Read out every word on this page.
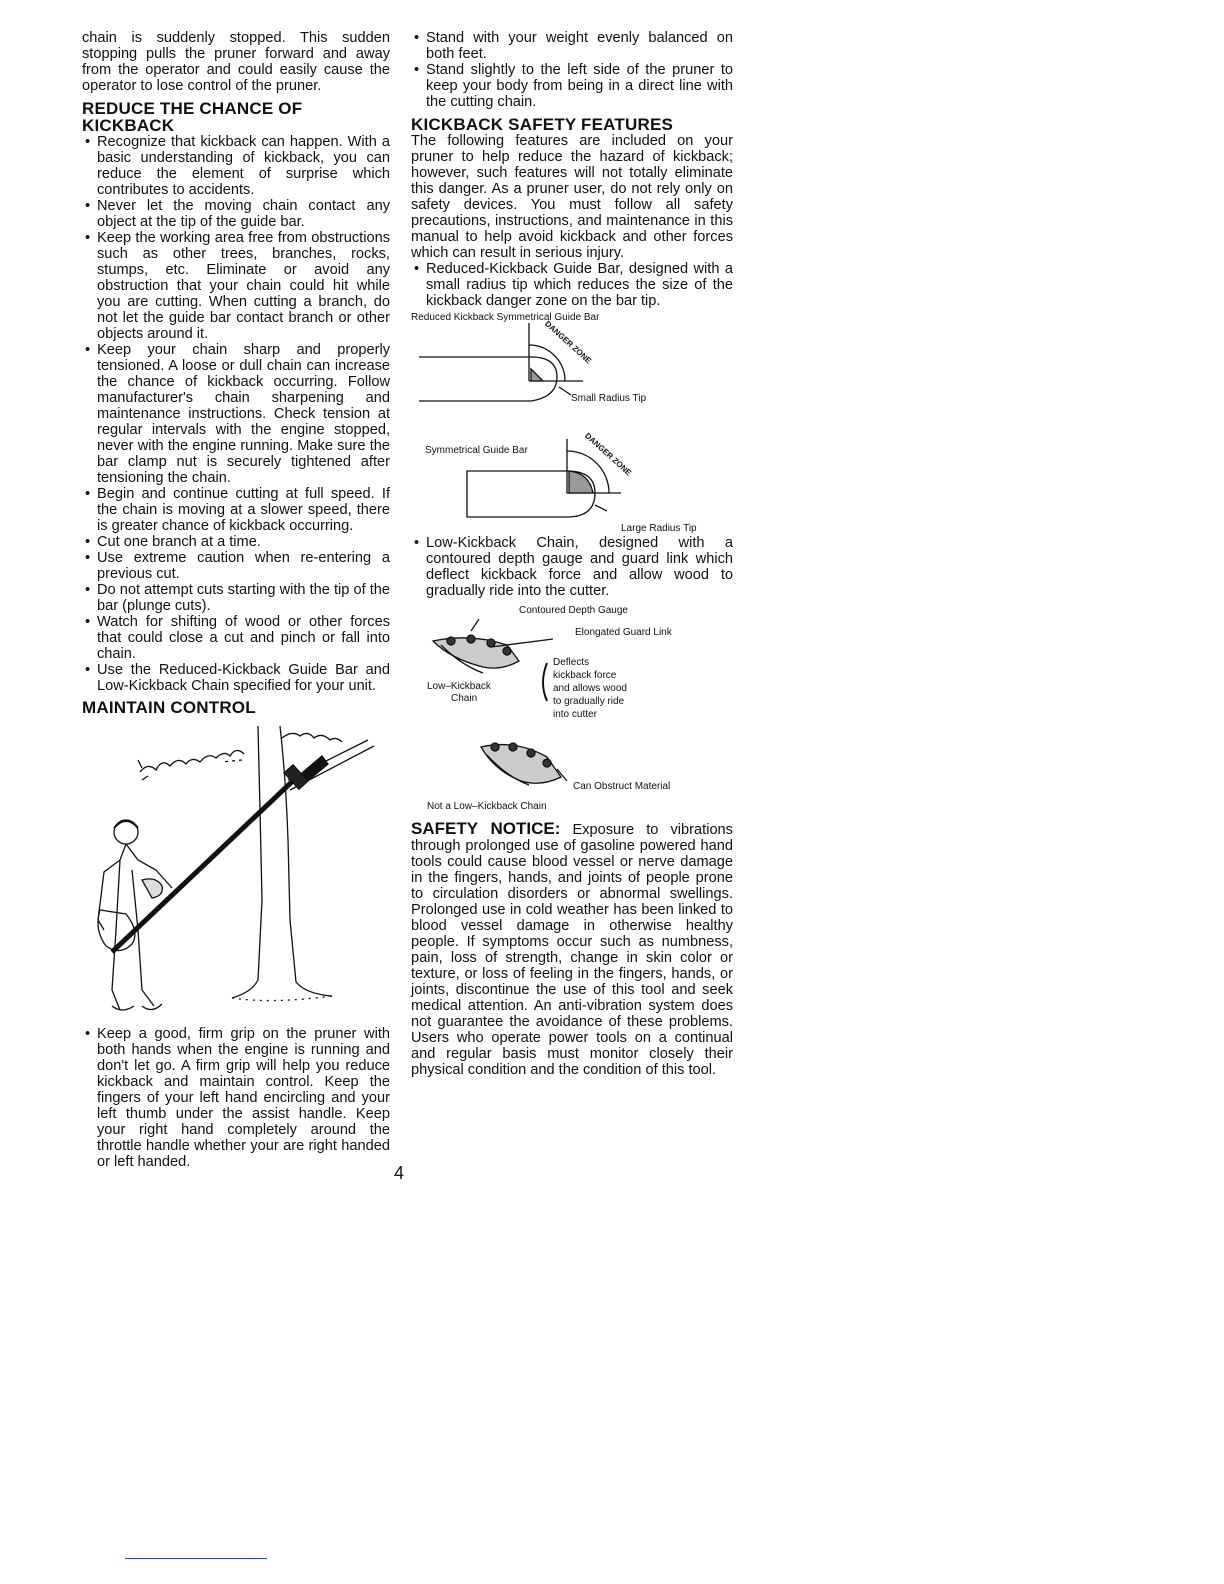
chain is suddenly stopped. This sudden stopping pulls the pruner forward and away from the operator and could easily cause the operator to lose control of the pruner.

REDUCE THE CHANCE OF
KICKBACK
• Recognize that kickback can happen. With a basic understanding of kickback, you can reduce the element of surprise which contributes to accidents.
• Never let the moving chain contact any object at the tip of the guide bar.
• Keep the working area free from obstructions such as other trees, branches, rocks, stumps, etc. Eliminate or avoid any obstruction that your chain could hit while you are cutting. When cutting a branch, do not let the guide bar contact branch or other objects around it.
• Keep your chain sharp and properly tensioned. A loose or dull chain can increase the chance of kickback occurring. Follow manufacturer's chain sharpening and maintenance instructions. Check tension at regular intervals with the engine stopped, never with the engine running. Make sure the bar clamp nut is securely tightened after tensioning the chain.
• Begin and continue cutting at full speed. If the chain is moving at a slower speed, there is greater chance of kickback occurring.
• Cut one branch at a time.
• Use extreme caution when re-entering a previous cut.
• Do not attempt cuts starting with the tip of the bar (plunge cuts).
• Watch for shifting of wood or other forces that could close a cut and pinch or fall into chain.
• Use the Reduced-Kickback Guide Bar and Low-Kickback Chain specified for your unit.
MAINTAIN CONTROL
• Keep a good, firm grip on the pruner with both hands when the engine is running and don't let go. A firm grip will help you reduce kickback and maintain control. Keep the fingers of your left hand encircling and your left thumb under the assist handle. Keep your right hand completely around the throttle handle whether your are right handed or left handed.
• Stand with your weight evenly balanced on both feet.
• Stand slightly to the left side of the pruner to keep your body from being in a direct line with the cutting chain.
KICKBACK SAFETY FEATURES

The following features are included on your pruner to help reduce the hazard of kickback; however, such features will not totally eliminate this danger. As a pruner user, do not rely only on safety devices. You must follow all safety precautions, instructions, and maintenance in this manual to help avoid kickback and other forces which can result in serious injury.

• Reduced-Kickback Guide Bar, designed with a small radius tip which reduces the size of the kickback danger zone on the bar tip.
Reduced Kickback Symmetrical Guide Bar
DANGER ZONE
Small Radius Tip
Symmetrical Guide Bar	DANGER ZONE
Large Radius Tip
• Low-Kickback Chain, designed with a contoured depth gauge and guard link which deflect kickback force and allow wood to gradually ride into the cutter.
Contoured Depth Gauge
Elongated Guard Link
Deflects
kickback force
and allows wood
to gradually ride
into cutter
Low–Kickback
Chain
Can Obstruct Material
Not a Low–Kickback Chain

SAFETY NOTICE: Exposure to vibrations through prolonged use of gasoline powered hand tools could cause blood vessel or nerve damage in the fingers, hands, and joints of people prone to circulation disorders or abnormal swellings. Prolonged use in cold weather has been linked to blood vessel damage in otherwise healthy people. If symptoms occur such as numbness, pain, loss of strength, change in skin color or texture, or loss of feeling in the fingers, hands, or joints, discontinue the use of this tool and seek medical attention. An anti-vibration system does not guarantee the avoidance of these problems. Users who operate power tools on a continual and regular basis must monitor closely their physical condition and the condition of this tool.

4
